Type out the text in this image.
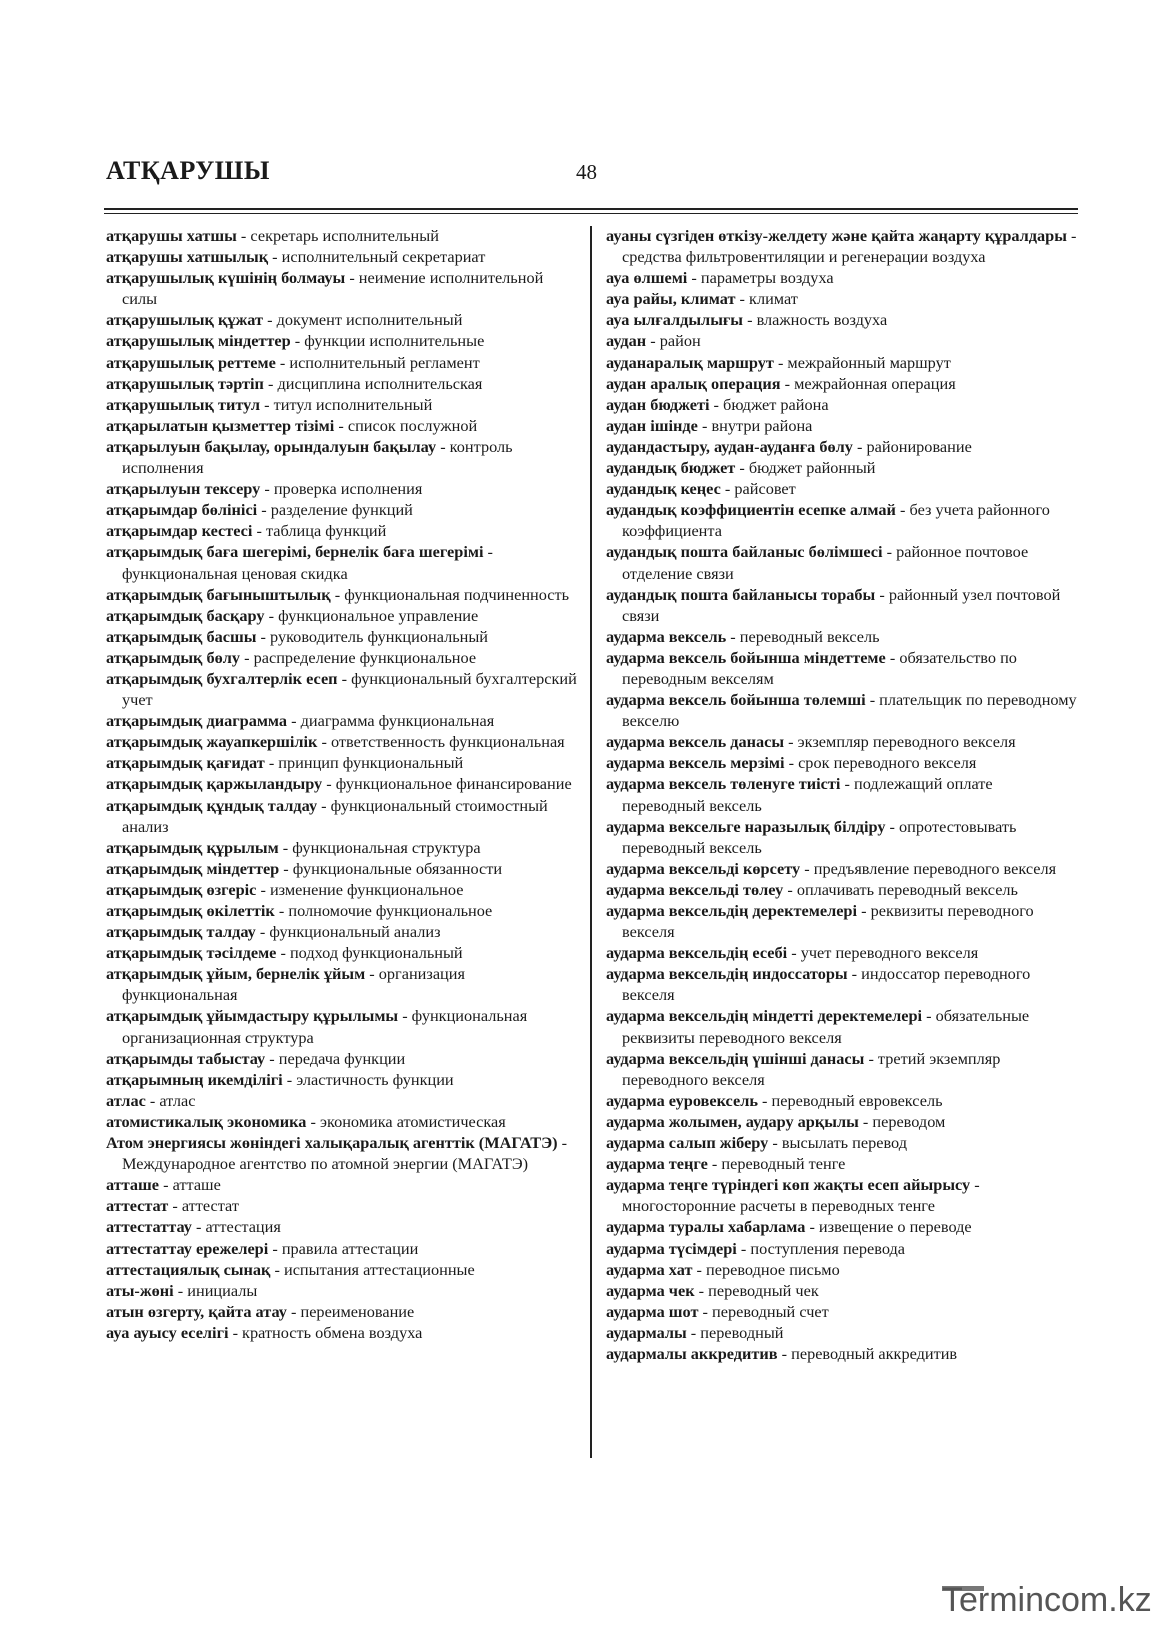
АТҚАРУШЫ	48
атқарушы хатшы - секретарь исполнительный
атқарушы хатшылық - исполнительный секретариат
атқарушылық күшінің болмауы - неимение исполнительной силы
атқарушылық құжат - документ исполнительный
атқарушылық міндеттер - функции исполнительные
атқарушылық реттеме - исполнительный регламент
атқарушылық тәртіп - дисциплина исполнительская
атқарушылық титул - титул исполнительный
атқарылатын қызметтер тізімі - список послужной
атқарылуын бақылау, орындалуын бақылау - контроль исполнения
атқарылуын тексеру - проверка исполнения
атқарымдар бөлінісі - разделение функций
атқарымдар кестесі - таблица функций
атқарымдық баға шегерімі, бернелік баға шегерімі - функциональная ценовая скидка
атқарымдық бағыныштылық - функциональная подчиненность
атқарымдық басқару - функциональное управление
атқарымдық басшы - руководитель функциональный
атқарымдық бөлу - распределение функциональное
атқарымдық бухгалтерлік есеп - функциональный бухгалтерский учет
атқарымдық диаграмма - диаграмма функциональная
атқарымдық жауапкершілік - ответственность функциональная
атқарымдық қағидат - принцип функциональный
атқарымдық қаржыландыру - функциональное финансирование
атқарымдық құндық талдау - функциональный стоимостный анализ
атқарымдық құрылым - функциональная структура
атқарымдық міндеттер - функциональные обязанности
атқарымдық өзгеріс - изменение функциональное
атқарымдық өкілеттік - полномочие функциональное
атқарымдық талдау - функциональный анализ
атқарымдық тәсілдеме - подход функциональный
атқарымдық ұйым, бернелік ұйым - организация функциональная
атқарымдық ұйымдастыру құрылымы - функциональная организационная структура
атқарымды табыстау - передача функции
атқарымның икемділігі - эластичность функции
атлас - атлас
атомистикалық экономика - экономика атомистическая
Атом энергиясы жөніндегі халықаралық агенттік (МАГАТЭ) - Международное агентство по атомной энергии (МАГАТЭ)
атташе - атташе
аттестат - аттестат
аттестаттау - аттестация
аттестаттау ережелері - правила аттестации
аттестациялық сынақ - испытания аттестационные
аты-жөні - инициалы
атын өзгерту, қайта атау - переименование
ауа ауысу еселігі - кратность обмена воздуха
ауаны сүзгіден өткізу-желдету және қайта жаңарту құралдары - средства фильтровентиляции и регенерации воздуха
ауа өлшемі - параметры воздуха
ауа райы, климат - климат
ауа ылғалдылығы - влажность воздуха
аудан - район
ауданаралық маршрут - межрайонный маршрут
аудан аралық операция - межрайонная операция
аудан бюджеті - бюджет района
аудан ішінде - внутри района
аудандастыру, аудан-ауданға бөлу - районирование
аудандық бюджет - бюджет районный
аудандық кеңес - райсовет
аудандық коэффициентін есепке алмай - без учета районного коэффициента
аудандық пошта байланыс бөлімшесі - районное почтовое отделение связи
аудандық пошта байланысы торабы - районный узел почтовой связи
аударма вексель - переводный вексель
аударма вексель бойынша міндеттеме - обязательство по переводным векселям
аударма вексель бойынша төлемші - плательщик по переводному векселю
аударма вексель данасы - экземпляр переводного векселя
аударма вексель мерзімі - срок переводного векселя
аударма вексель төленуге тиісті - подлежащий оплате переводный вексель
аударма вексельге наразылық білдіру - опротестовывать переводный вексель
аударма вексельді көрсету - предъявление переводного векселя
аударма вексельді төлеу - оплачивать переводный вексель
аударма вексельдің деректемелері - реквизиты переводного векселя
аударма вексельдің есебі - учет переводного векселя
аударма вексельдің индоссаторы - индоссатор переводного векселя
аударма вексельдің міндетті деректемелері - обязательные реквизиты переводного векселя
аударма вексельдің үшінші данасы - третий экземпляр переводного векселя
аударма еуровексель - переводный евровексель
аударма жолымен, аудару арқылы - переводом
аударма салып жіберу - высылать перевод
аударма теңге - переводный тенге
аударма теңге түріндегі көп жақты есеп айырысу - многосторонние расчеты в переводных тенге
аударма туралы хабарлама - извещение о переводе
аударма түсімдері - поступления перевода
аударма хат - переводное письмо
аударма чек - переводный чек
аударма шот - переводный счет
аудармалы - переводный
аудармалы аккредитив - переводный аккредитив
Termincom.kz
